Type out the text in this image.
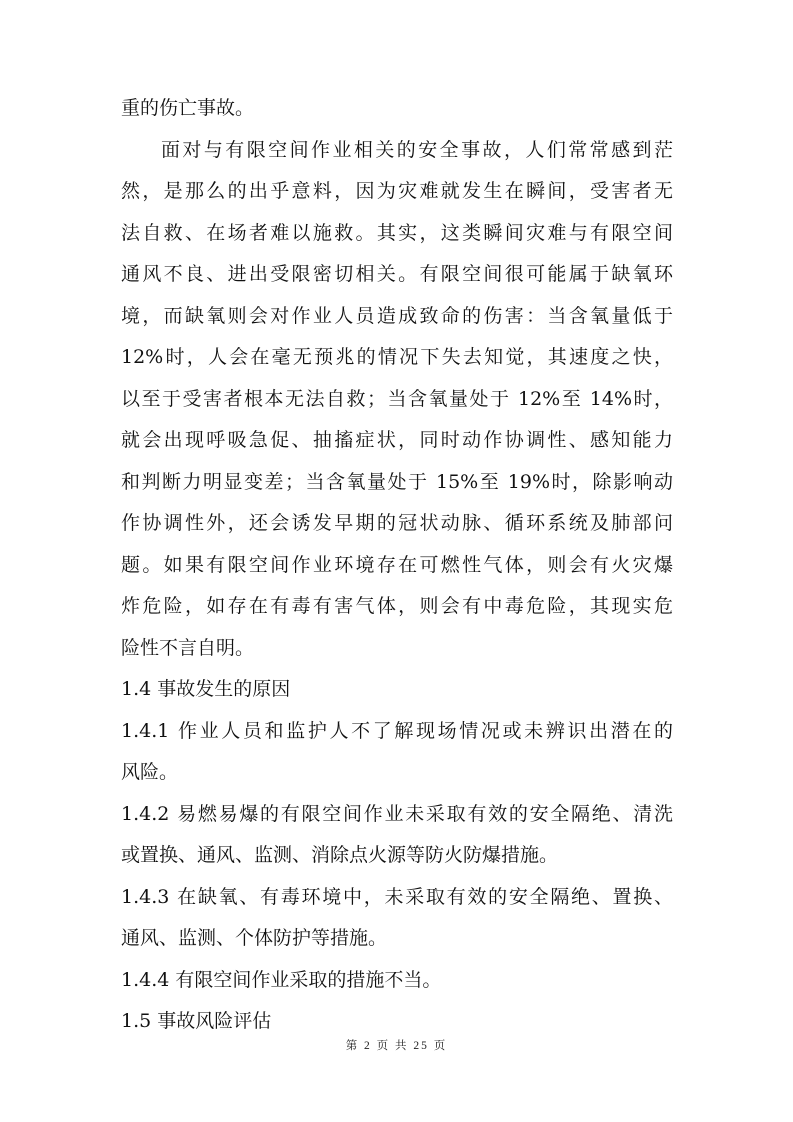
重的伤亡事故。
面对与有限空间作业相关的安全事故，人们常常感到茫
然，是那么的出乎意料，因为灾难就发生在瞬间，受害者无
法自救、在场者难以施救。其实，这类瞬间灾难与有限空间
通风不良、进出受限密切相关。有限空间很可能属于缺氧环
境，而缺氧则会对作业人员造成致命的伤害：当含氧量低于
12%时，人会在毫无预兆的情况下失去知觉，其速度之快，
以至于受害者根本无法自救；当含氧量处于 12%至 14%时，
就会出现呼吸急促、抽搐症状，同时动作协调性、感知能力
和判断力明显变差；当含氧量处于 15%至 19%时，除影响动
作协调性外，还会诱发早期的冠状动脉、循环系统及肺部问
题。如果有限空间作业环境存在可燃性气体，则会有火灾爆
炸危险，如存在有毒有害气体，则会有中毒危险，其现实危
险性不言自明。
1.4 事故发生的原因
1.4.1 作业人员和监护人不了解现场情况或未辨识出潜在的
风险。
1.4.2 易燃易爆的有限空间作业未采取有效的安全隔绝、清洗
或置换、通风、监测、消除点火源等防火防爆措施。
1.4.3 在缺氧、有毒环境中，未采取有效的安全隔绝、置换、
通风、监测、个体防护等措施。
1.4.4 有限空间作业采取的措施不当。
1.5 事故风险评估
第 2 页 共 25 页
